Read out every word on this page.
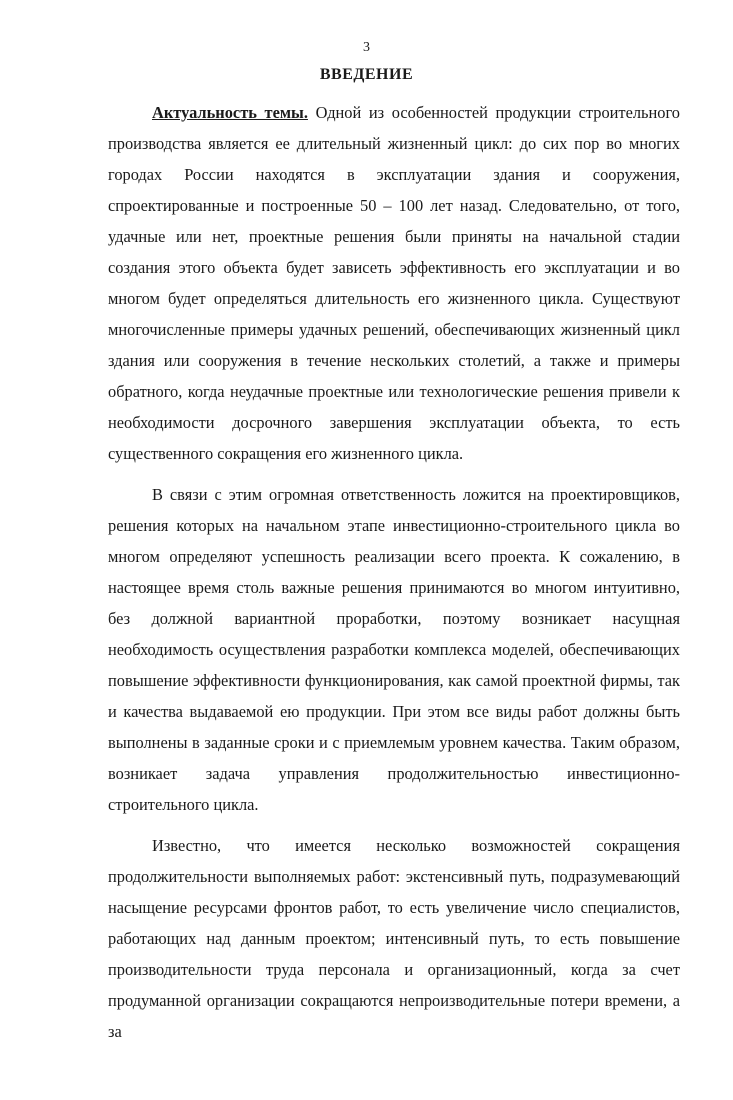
3
ВВЕДЕНИЕ

Актуальность темы. Одной из особенностей продукции строительного производства является ее длительный жизненный цикл: до сих пор во многих городах России находятся в эксплуатации здания и сооружения, спроектированные и построенные 50 – 100 лет назад. Следовательно, от того, удачные или нет, проектные решения были приняты на начальной стадии создания этого объекта будет зависеть эффективность его эксплуатации и во многом будет определяться длительность его жизненного цикла. Существуют многочисленные примеры удачных решений, обеспечивающих жизненный цикл здания или сооружения в течение нескольких столетий, а также и примеры обратного, когда неудачные проектные или технологические решения привели к необходимости досрочного завершения эксплуатации объекта, то есть существенного сокращения его жизненного цикла.

В связи с этим огромная ответственность ложится на проектировщиков, решения которых на начальном этапе инвестиционно-строительного цикла во многом определяют успешность реализации всего проекта. К сожалению, в настоящее время столь важные решения принимаются во многом интуитивно, без должной вариантной проработки, поэтому возникает насущная необходимость осуществления разработки комплекса моделей, обеспечивающих повышение эффективности функционирования, как самой проектной фирмы, так и качества выдаваемой ею продукции. При этом все виды работ должны быть выполнены в заданные сроки и с приемлемым уровнем качества. Таким образом, возникает задача управления продолжительностью инвестиционно-строительного цикла.

Известно, что имеется несколько возможностей сокращения продолжительности выполняемых работ: экстенсивный путь, подразумевающий насыщение ресурсами фронтов работ, то есть увеличение число специалистов, работающих над данным проектом; интенсивный путь, то есть повышение производительности труда персонала и организационный, когда за счет продуманной организации сокращаются непроизводительные потери времени, а за
